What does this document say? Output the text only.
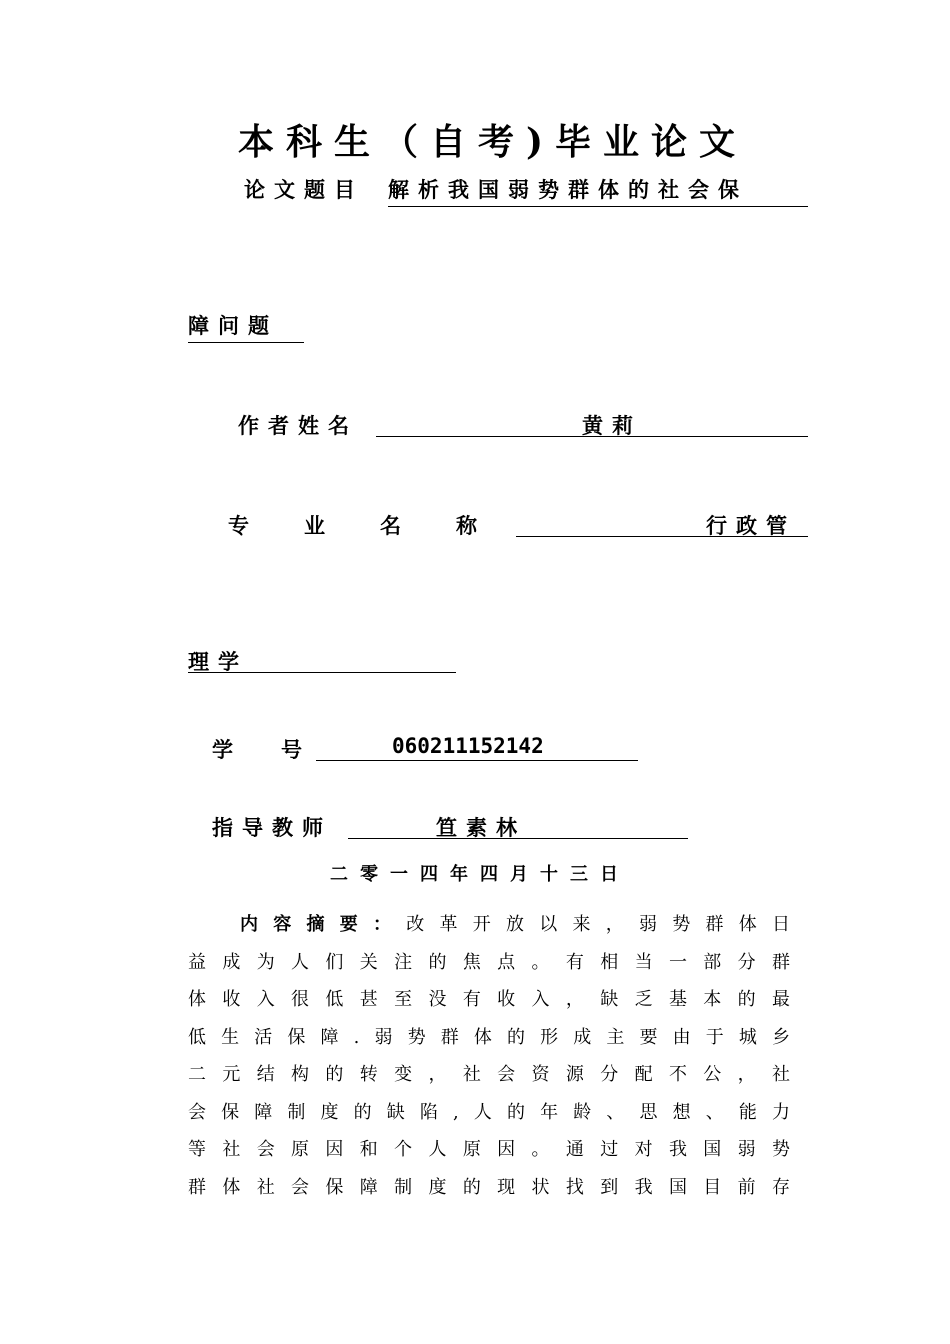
本科生（自考)毕业论文
论文题目 解析我国弱势群体的社会保
障问题
作者姓名	黄莉
专	业	名	称	行政管
理学
学 号	060211152142
指导教师	笪素林
二零一四年四月十三日
内容摘要：改革开放以来，弱势群体日
益成为人们关注的焦点。有相当一部分群
体收入很低甚至没有收入，缺乏基本的最
低生活保障.弱势群体的形成主要由于城乡
二元结构的转变，社会资源分配不公，社
会保障制度的缺陷,人的年龄、思想、能力
等社会原因和个人原因。通过对我国弱势
群体社会保障制度的现状找到我国目前存
